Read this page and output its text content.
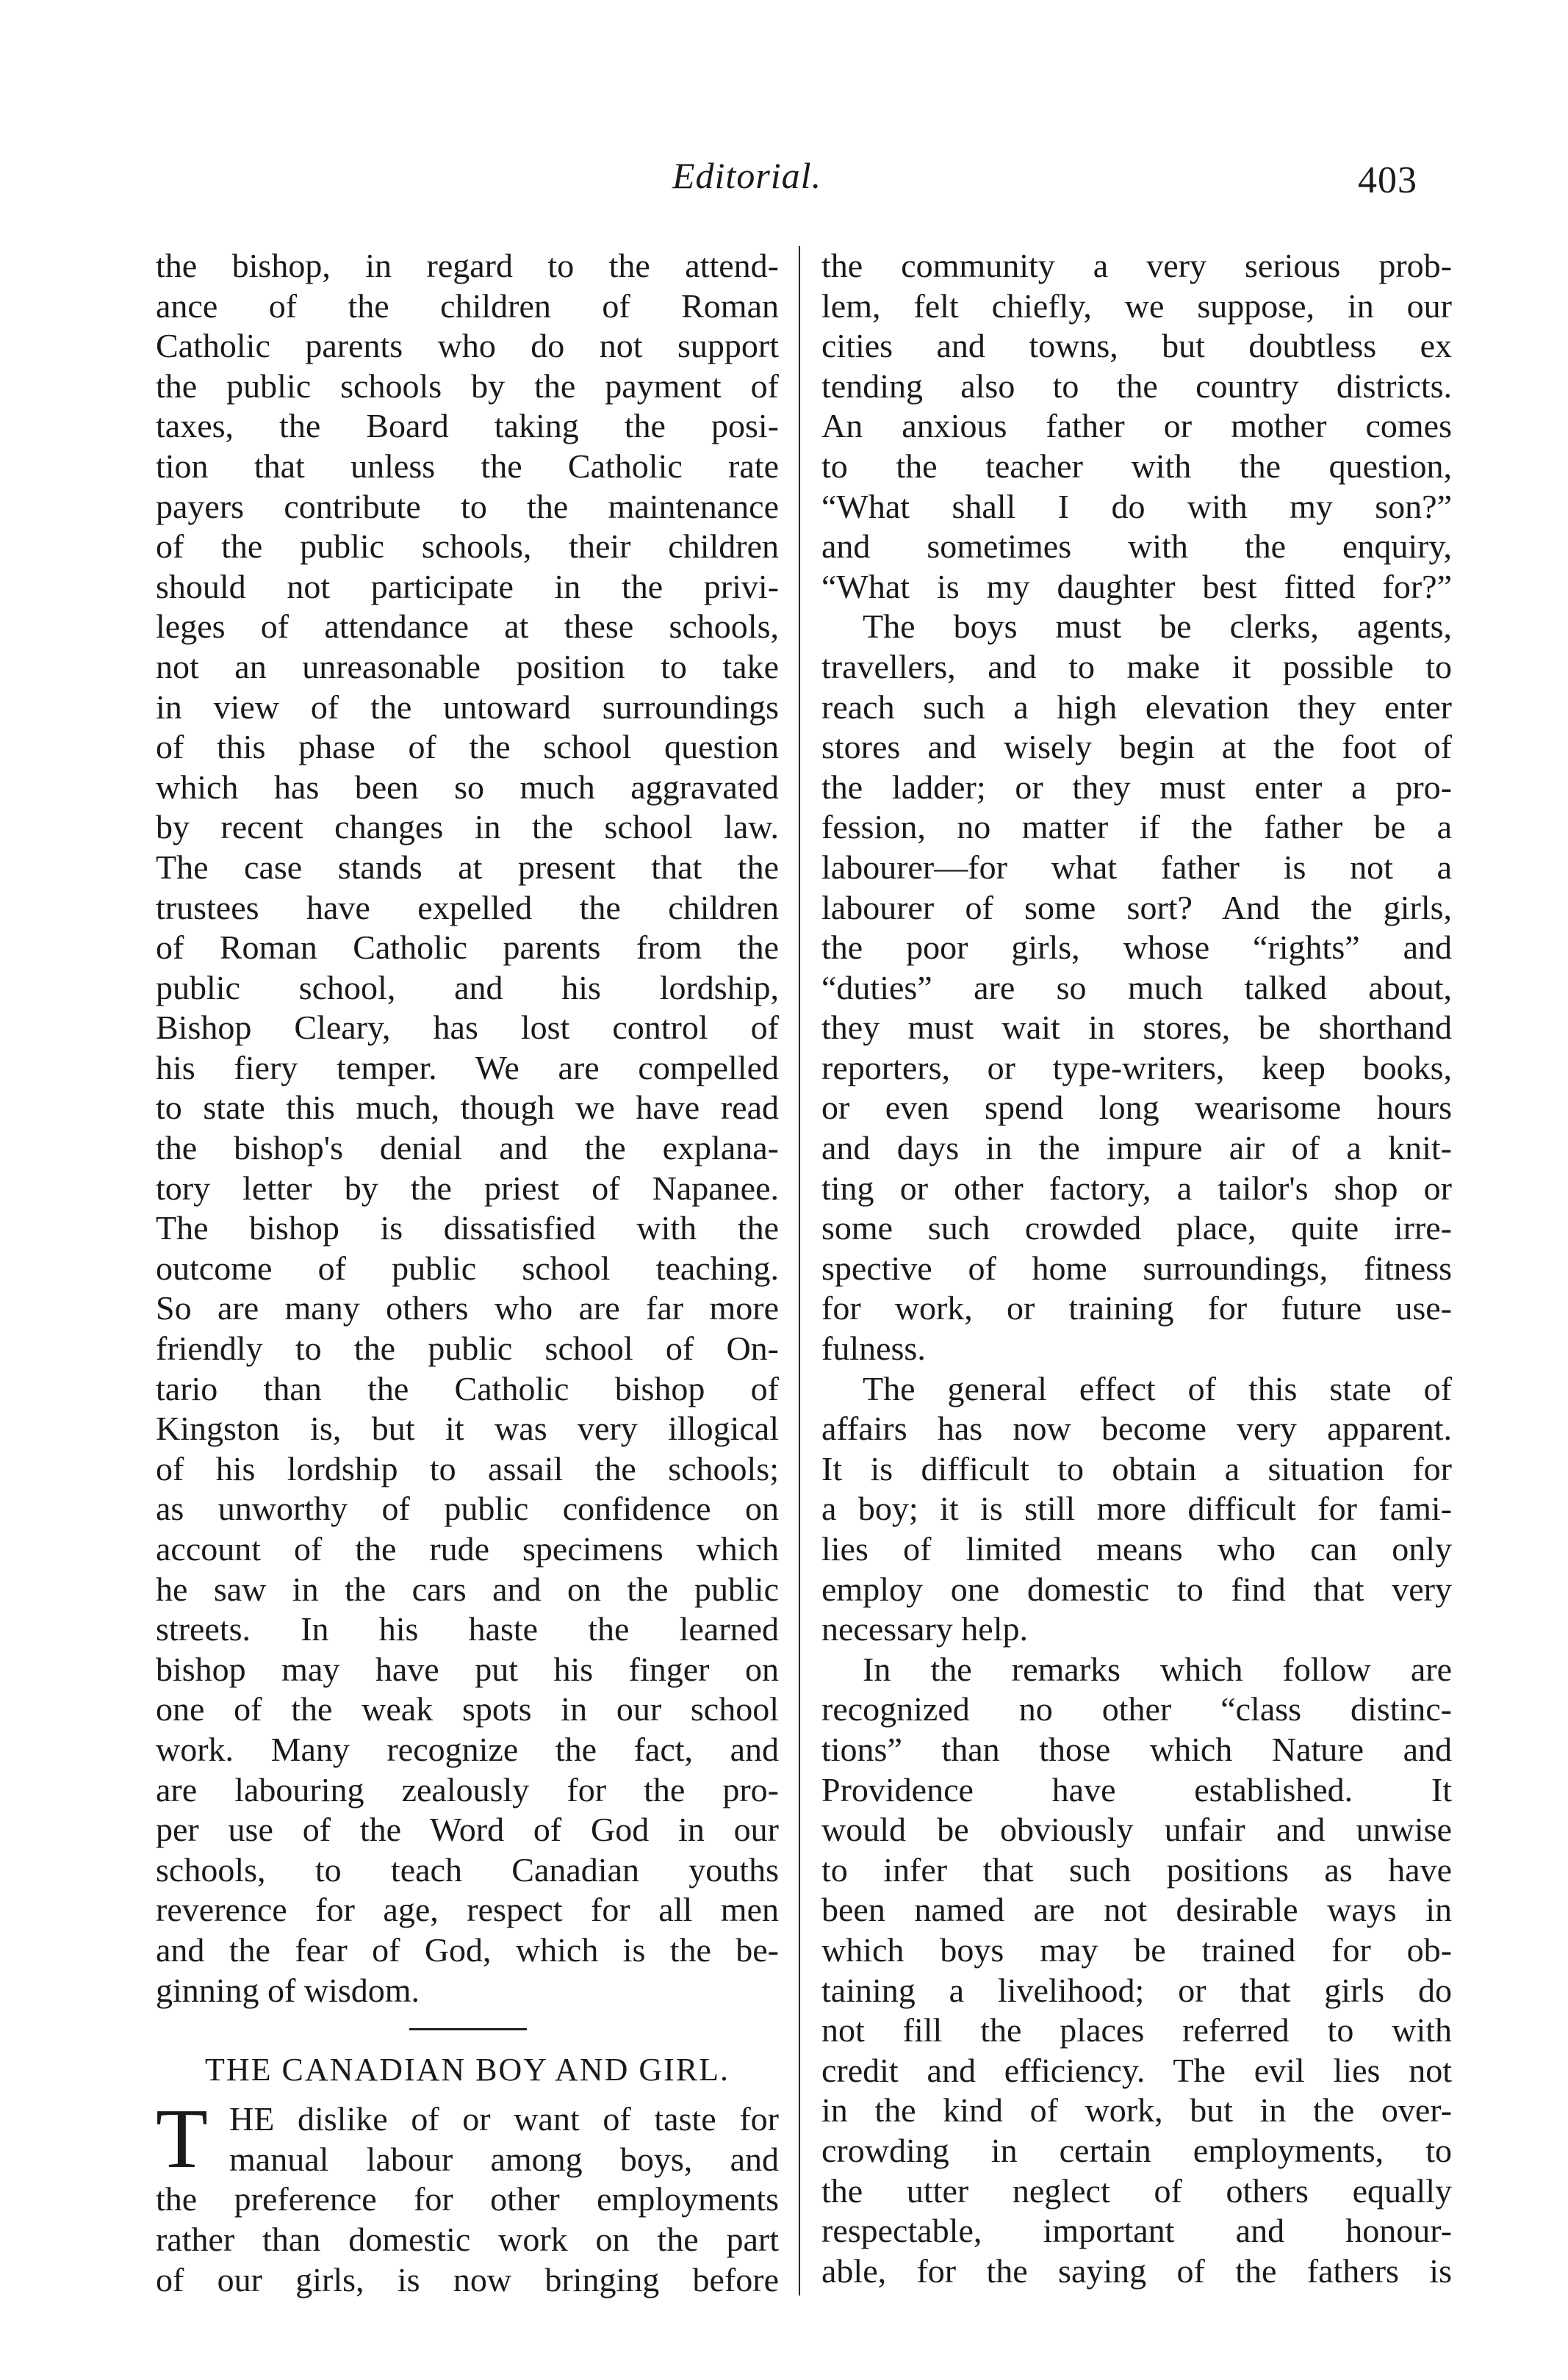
Editorial.	403
the bishop, in regard to the attend-
ance of the children of Roman
Catholic parents who do not support
the public schools by the payment of
taxes, the Board taking the posi-
tion that unless the Catholic rate
payers contribute to the maintenance
of the public schools, their children
should not participate in the privi-
leges of attendance at these schools,
not an unreasonable position to take
in view of the untoward surroundings
of this phase of the school question
which has been so much aggravated
by recent changes in the school law.
The case stands at present that the
trustees have expelled the children
of Roman Catholic parents from the
public school, and his lordship,
Bishop Cleary, has lost control of
his fiery temper. We are compelled
to state this much, though we have read
the bishop's denial and the explana-
tory letter by the priest of Napanee.
The bishop is dissatisfied with the
outcome of public school teaching.
So are many others who are far more
friendly to the public school of On-
tario than the Catholic bishop of
Kingston is, but it was very illogical
of his lordship to assail the schools;
as unworthy of public confidence on
account of the rude specimens which
he saw in the cars and on the public
streets. In his haste the learned
bishop may have put his finger on
one of the weak spots in our school
work. Many recognize the fact, and
are labouring zealously for the pro-
per use of the Word of God in our
schools, to teach Canadian youths
reverence for age, respect for all men
and the fear of God, which is the be-
ginning of wisdom.
THE CANADIAN BOY AND GIRL.
T HE dislike of or want of taste for
manual labour among boys, and
the preference for other employments
rather than domestic work on the part
of our girls, is now bringing before
the community a very serious prob-
lem, felt chiefly, we suppose, in our
cities and towns, but doubtless ex
tending also to the country districts.
An anxious father or mother comes
to the teacher with the question,
“What shall I do with my son?”
and sometimes with the enquiry,
“What is my daughter best fitted for?”
The boys must be clerks, agents,
travellers, and to make it possible to
reach such a high elevation they enter
stores and wisely begin at the foot of
the ladder; or they must enter a pro-
fession, no matter if the father be a
labourer—for what father is not a
labourer of some sort? And the girls,
the poor girls, whose “rights” and
“duties” are so much talked about,
they must wait in stores, be shorthand
reporters, or type-writers, keep books,
or even spend long wearisome hours
and days in the impure air of a knit-
ting or other factory, a tailor's shop or
some such crowded place, quite irre-
spective of home surroundings, fitness
for work, or training for future use-
fulness.
The general effect of this state of
affairs has now become very apparent.
It is difficult to obtain a situation for
a boy; it is still more difficult for fami-
lies of limited means who can only
employ one domestic to find that very
necessary help.
In the remarks which follow are
recognized no other “class distinc-
tions” than those which Nature and
Providence have established. It
would be obviously unfair and unwise
to infer that such positions as have
been named are not desirable ways in
which boys may be trained for ob-
taining a livelihood; or that girls do
not fill the places referred to with
credit and efficiency. The evil lies not
in the kind of work, but in the over-
crowding in certain employments, to
the utter neglect of others equally
respectable, important and honour-
able, for the saying of the fathers is
